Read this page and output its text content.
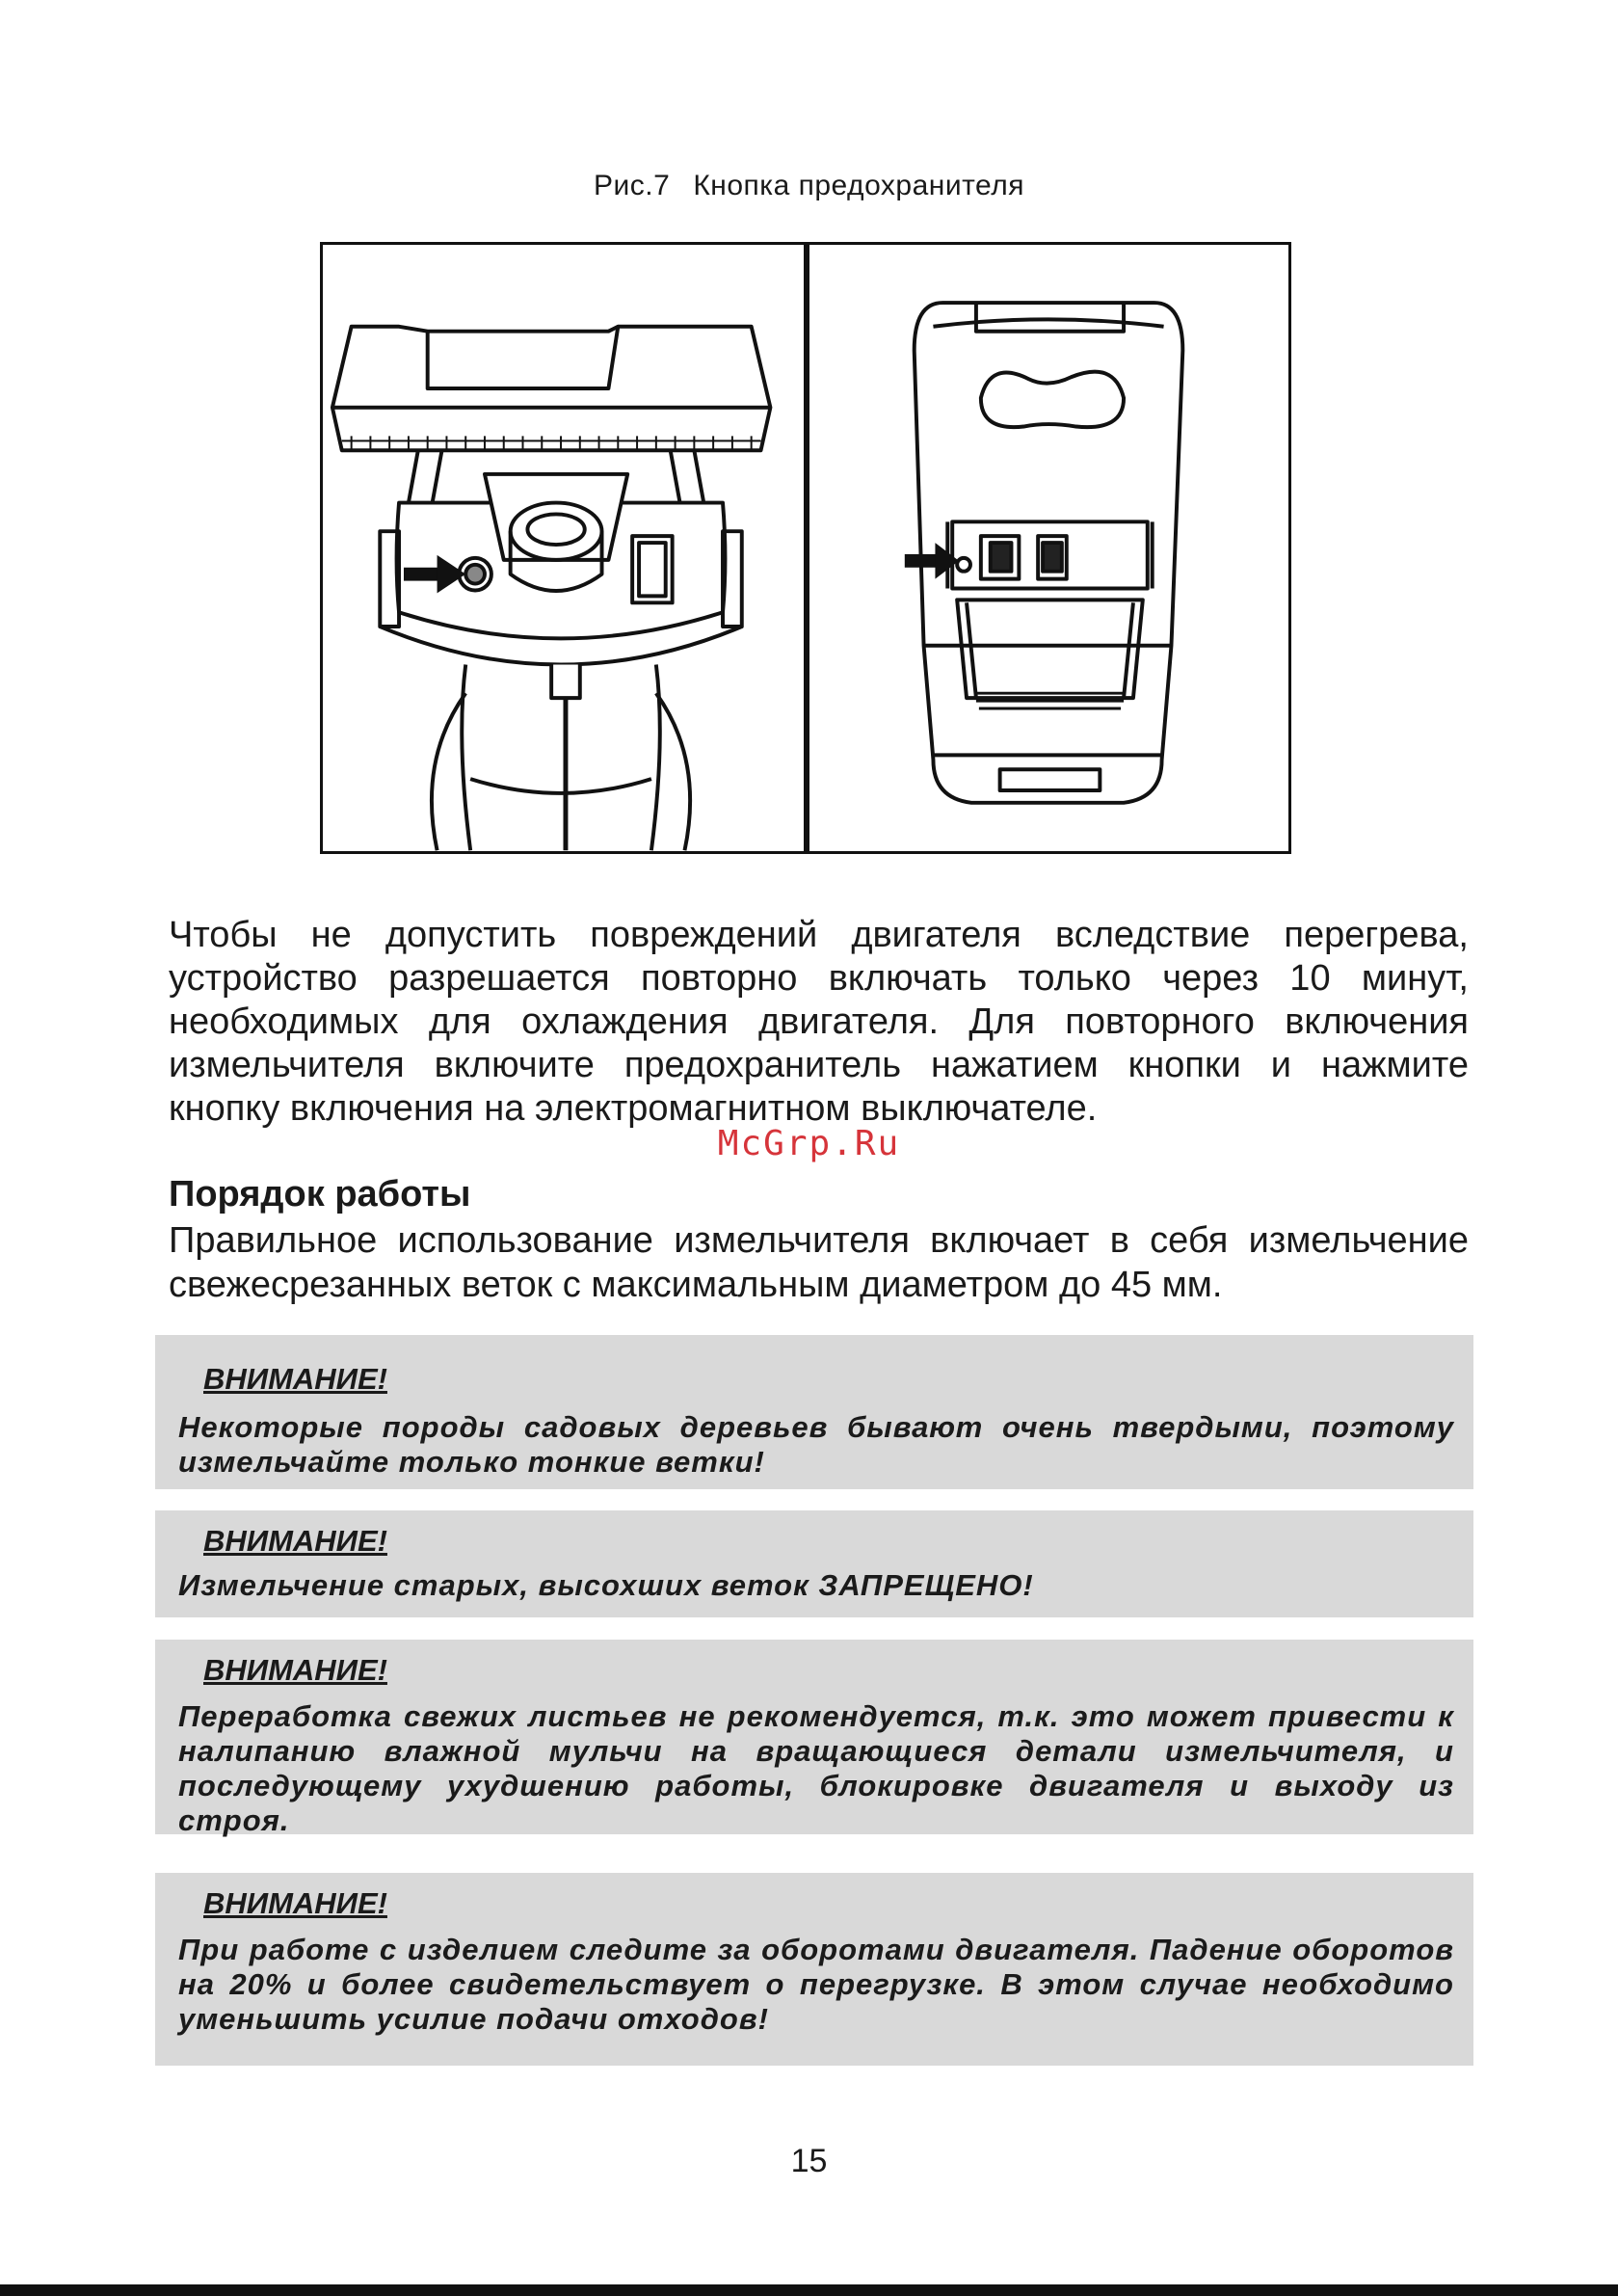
Рис.7 Кнопка предохранителя
Чтобы не допустить повреждений двигателя вследствие перегрева, устройство разрешается повторно включать только через 10 минут, необходимых для охлаждения двигателя. Для повторного включения измельчителя включите предохранитель нажатием кнопки и нажмите кнопку включения на электромагнитном выключателе.
McGrp.Ru
Порядок работы
Правильное использование измельчителя включает в себя измельчение свежесрезанных веток с максимальным диаметром до 45 мм.
ВНИМАНИЕ!
Некоторые породы садовых деревьев бывают очень твердыми, поэтому измельчайте только тонкие ветки!
ВНИМАНИЕ!
Измельчение старых, высохших веток ЗАПРЕЩЕНО!
ВНИМАНИЕ!
Переработка свежих листьев не рекомендуется, т.к. это может привести к налипанию влажной мульчи на вращающиеся детали измельчителя, и последующему ухудшению работы, блокировке двигателя и выходу из строя.
ВНИМАНИЕ!
При работе с изделием следите за оборотами двигателя. Падение оборотов на 20% и более свидетельствует о перегрузке. В этом случае необходимо уменьшить усилие подачи отходов!
15
